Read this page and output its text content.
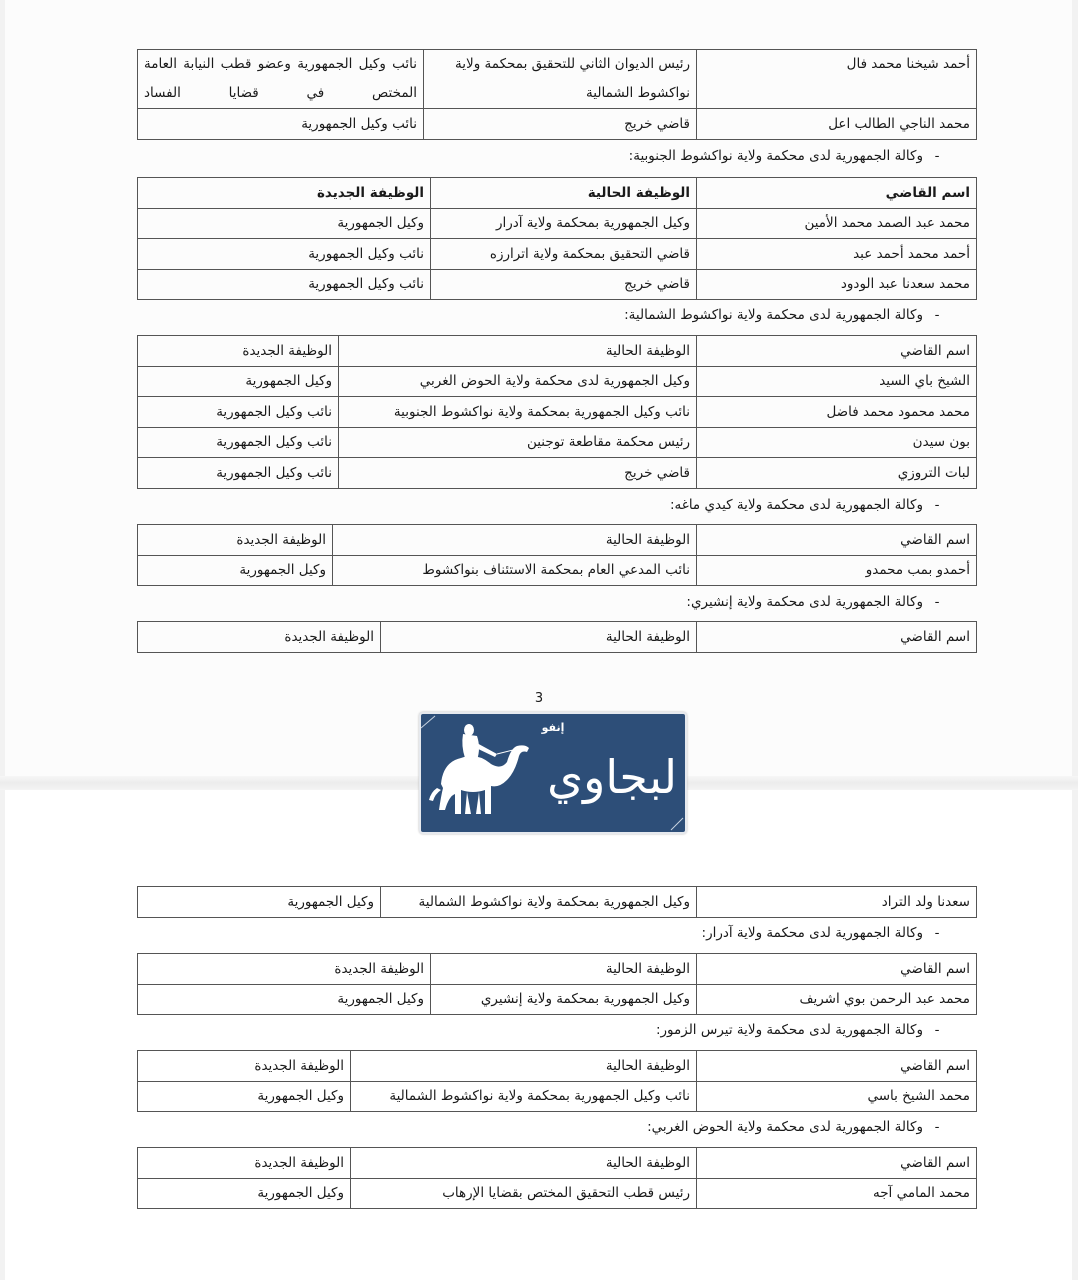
أحمد شيخنا محمد فال	رئيس الديوان الثاني للتحقيق بمحكمة ولاية نواكشوط الشمالية	نائب وكيل الجمهورية وعضو قطب النيابة العامة المختص في قضايا الفساد
محمد الناجي الطالب اعل	قاضي خريج	نائب وكيل الجمهورية
-وكالة الجمهورية لدى محكمة ولاية نواكشوط الجنوبية:
اسم القاضي	الوظيفة الحالية	الوظيفة الجديدة
محمد عبد الصمد محمد الأمين	وكيل الجمهورية بمحكمة ولاية آدرار	وكيل الجمهورية
أحمد محمد أحمد عبد	قاضي التحقيق بمحكمة ولاية اترارزه	نائب وكيل الجمهورية
محمد سعدنا عبد الودود	قاضي خريج	نائب وكيل الجمهورية
-وكالة الجمهورية لدى محكمة ولاية نواكشوط الشمالية:
اسم القاضي	الوظيفة الحالية	الوظيفة الجديدة
الشيخ باي السيد	وكيل الجمهورية لدى محكمة ولاية الحوض الغربي	وكيل الجمهورية
محمد محمود محمد فاضل	نائب وكيل الجمهورية بمحكمة ولاية نواكشوط الجنوبية	نائب وكيل الجمهورية
بون سيدن	رئيس محكمة مقاطعة توجنين	نائب وكيل الجمهورية
لبات التروزي	قاضي خريج	نائب وكيل الجمهورية
-وكالة الجمهورية لدى محكمة ولاية كيدي ماغه:
اسم القاضي	الوظيفة الحالية	الوظيفة الجديدة
أحمدو بمب محمدو	نائب المدعي العام بمحكمة الاستئناف بنواكشوط	وكيل الجمهورية
-وكالة الجمهورية لدى محكمة ولاية إنشيري:
اسم القاضي	الوظيفة الحالية	الوظيفة الجديدة
3
إنفو
لبجاوي
سعدنا ولد التراد	وكيل الجمهورية بمحكمة ولاية نواكشوط الشمالية	وكيل الجمهورية
-وكالة الجمهورية لدى محكمة ولاية آدرار:
اسم القاضي	الوظيفة الحالية	الوظيفة الجديدة
محمد عبد الرحمن بوي اشريف	وكيل الجمهورية بمحكمة ولاية إنشيري	وكيل الجمهورية
-وكالة الجمهورية لدى محكمة ولاية تيرس الزمور:
اسم القاضي	الوظيفة الحالية	الوظيفة الجديدة
محمد الشيخ باسي	نائب وكيل الجمهورية بمحكمة ولاية نواكشوط الشمالية	وكيل الجمهورية
-وكالة الجمهورية لدى محكمة ولاية الحوض الغربي:
اسم القاضي	الوظيفة الحالية	الوظيفة الجديدة
محمد المامي آجه	رئيس قطب التحقيق المختص بقضايا الإرهاب	وكيل الجمهورية
